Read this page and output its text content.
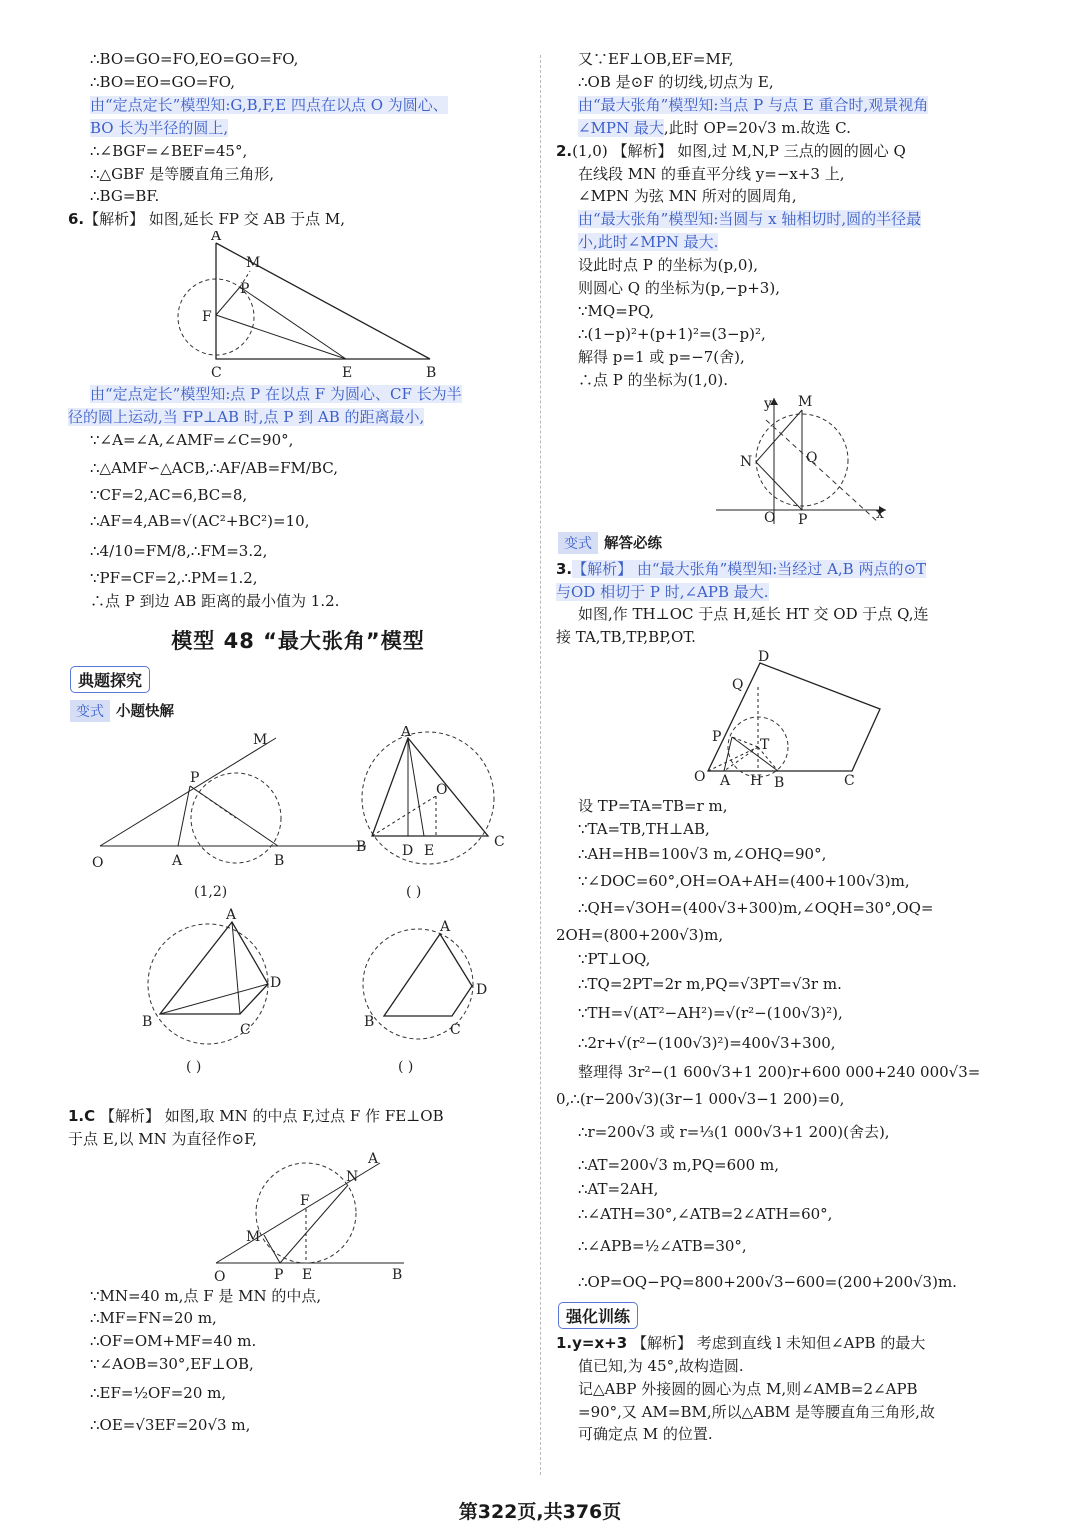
∴BO=GO=FO,EO=GO=FO,
∴BO=EO=GO=FO,
由“定点定长”模型知:G,B,F,E 四点在以点 O 为圆心、
BO 长为半径的圆上,
∴∠BGF=∠BEF=45°,
∴△GBF 是等腰直角三角形,
∴BG=BF.
6.【解析】 如图,延长 FP 交 AB 于点 M,
A
M
P
F
C	E	B
由“定点定长”模型知:点 P 在以点 F 为圆心、CF 长为半
径的圆上运动,当 FP⊥AB 时,点 P 到 AB 的距离最小,
∵∠A=∠A,∠AMF=∠C=90°,
∴△AMF∽△ACB,∴AF/AB=FM/BC,
∵CF=2,AC=6,BC=8,
∴AF=4,AB=√(AC²+BC²)=10,
∴4/10=FM/8,∴FM=3.2,
∵PF=CF=2,∴PM=1.2,
∴点 P 到边 AB 距离的最小值为 1.2.
模型 48 “最大张角”模型
典题探究
变式 小题快解
M
P
O	A	B
(1,2)
A
O
B	D E
C
( )
A
D
B	C
( )
A
D
B	C
( )
1.C 【解析】 如图,取 MN 的中点 F,过点 F 作 FE⊥OB
于点 E,以 MN 为直径作⊙F,
A
N
F
M
O	P E	B
∵MN=40 m,点 F 是 MN 的中点,
∴MF=FN=20 m,
∴OF=OM+MF=40 m.
∵∠AOB=30°,EF⊥OB,
∴EF=½OF=20 m,
∴OE=√3EF=20√3 m,
又∵EF⊥OB,EF=MF,
∴OB 是⊙F 的切线,切点为 E,
由“最大张角”模型知:当点 P 与点 E 重合时,观景视角
∠MPN 最大,此时 OP=20√3 m.故选 C.
2.(1,0) 【解析】 如图,过 M,N,P 三点的圆的圆心 Q
在线段 MN 的垂直平分线 y=−x+3 上,
∠MPN 为弦 MN 所对的圆周角,
由“最大张角”模型知:当圆与 x 轴相切时,圆的半径最
小,此时∠MPN 最大.
设此时点 P 的坐标为(p,0),
则圆心 Q 的坐标为(p,−p+3),
∵MQ=PQ,
∴(1−p)²+(p+1)²=(3−p)²,
解得 p=1 或 p=−7(舍),
∴点 P 的坐标为(1,0).
y M
N	Q
O P	x
变式 解答必练
3.【解析】 由“最大张角”模型知:当经过 A,B 两点的⊙T
与OD 相切于 P 时,∠APB 最大.
如图,作 TH⊥OC 于点 H,延长 HT 交 OD 于点 Q,连
接 TA,TB,TP,BP,OT.
D
Q
P	T
O A H B	C
设 TP=TA=TB=r m,
∵TA=TB,TH⊥AB,
∴AH=HB=100√3 m,∠OHQ=90°,
∵∠DOC=60°,OH=OA+AH=(400+100√3)m,
∴QH=√3OH=(400√3+300)m,∠OQH=30°,OQ=
2OH=(800+200√3)m,
∵PT⊥OQ,
∴TQ=2PT=2r m,PQ=√3PT=√3r m.
∵TH=√(AT²−AH²)=√(r²−(100√3)²),
∴2r+√(r²−(100√3)²)=400√3+300,
整理得 3r²−(1 600√3+1 200)r+600 000+240 000√3=
0,∴(r−200√3)(3r−1 000√3−1 200)=0,
∴r=200√3 或 r=⅓(1 000√3+1 200)(舍去),
∴AT=200√3 m,PQ=600 m,
∴AT=2AH,
∴∠ATH=30°,∠ATB=2∠ATH=60°,
∴∠APB=½∠ATB=30°,
∴OP=OQ−PQ=800+200√3−600=(200+200√3)m.
强化训练
1.y=x+3 【解析】 考虑到直线 l 未知但∠APB 的最大
值已知,为 45°,故构造圆.
记△ABP 外接圆的圆心为点 M,则∠AMB=2∠APB
=90°,又 AM=BM,所以△ABM 是等腰直角三角形,故
可确定点 M 的位置.
第322页,共376页
